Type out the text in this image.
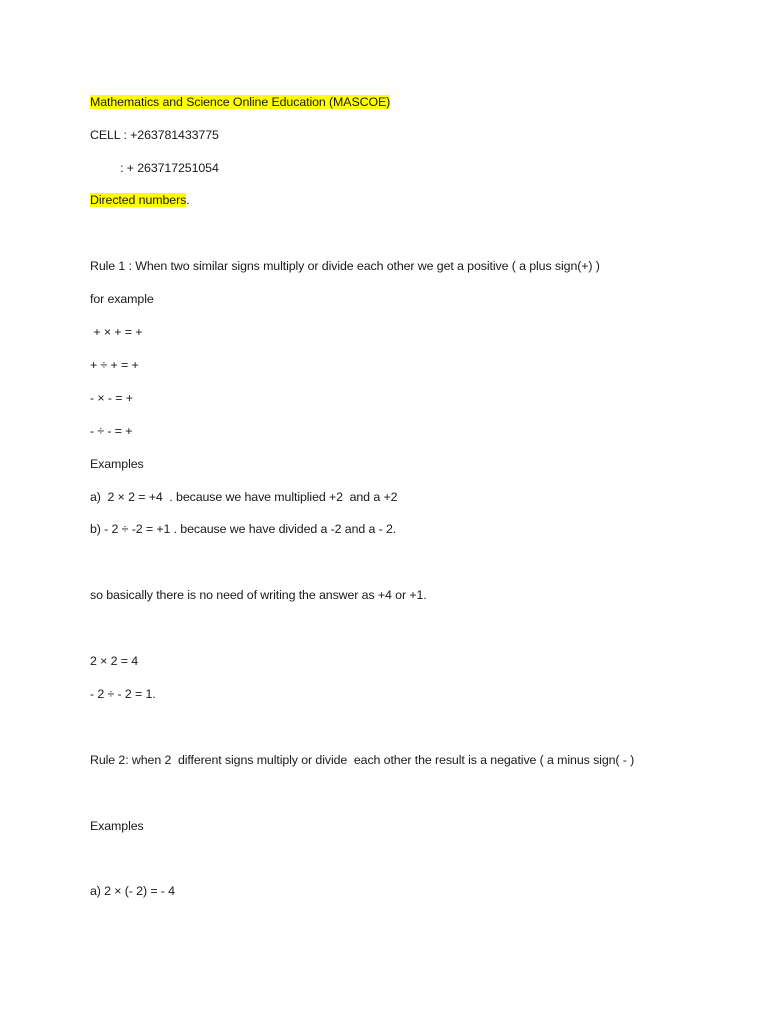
Mathematics and Science Online Education (MASCOE)
CELL : +263781433775
: + 263717251054
Directed numbers.
Rule 1 : When two similar signs multiply or divide each other we get a positive ( a plus sign(+) )
for example
+ × + = +
+ ÷ + = +
- × - = +
- ÷ - = +
Examples
a)  2 × 2 = +4  . because we have multiplied +2  and a +2
b) - 2 ÷ -2 = +1 . because we have divided a -2 and a - 2.
so basically there is no need of writing the answer as +4 or +1.
2 × 2 = 4
- 2 ÷ - 2 = 1.
Rule 2: when 2  different signs multiply or divide  each other the result is a negative ( a minus sign( - )
Examples
a) 2 × (- 2) = - 4
